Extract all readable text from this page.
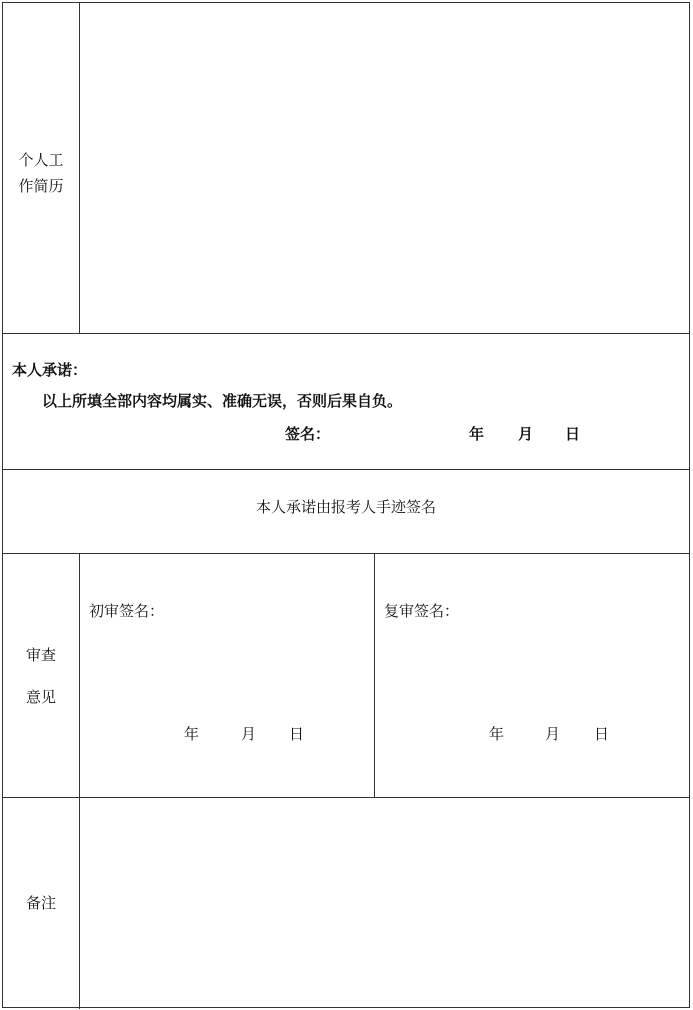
个人工
作简历
本人承诺：
以上所填全部内容均属实、准确无误，否则后果自负。
签名：	年 月 日
本人承诺由报考人手迹签名
审查
意见
初审签名：
年	月 日
复审签名：
年	月 日
备注
